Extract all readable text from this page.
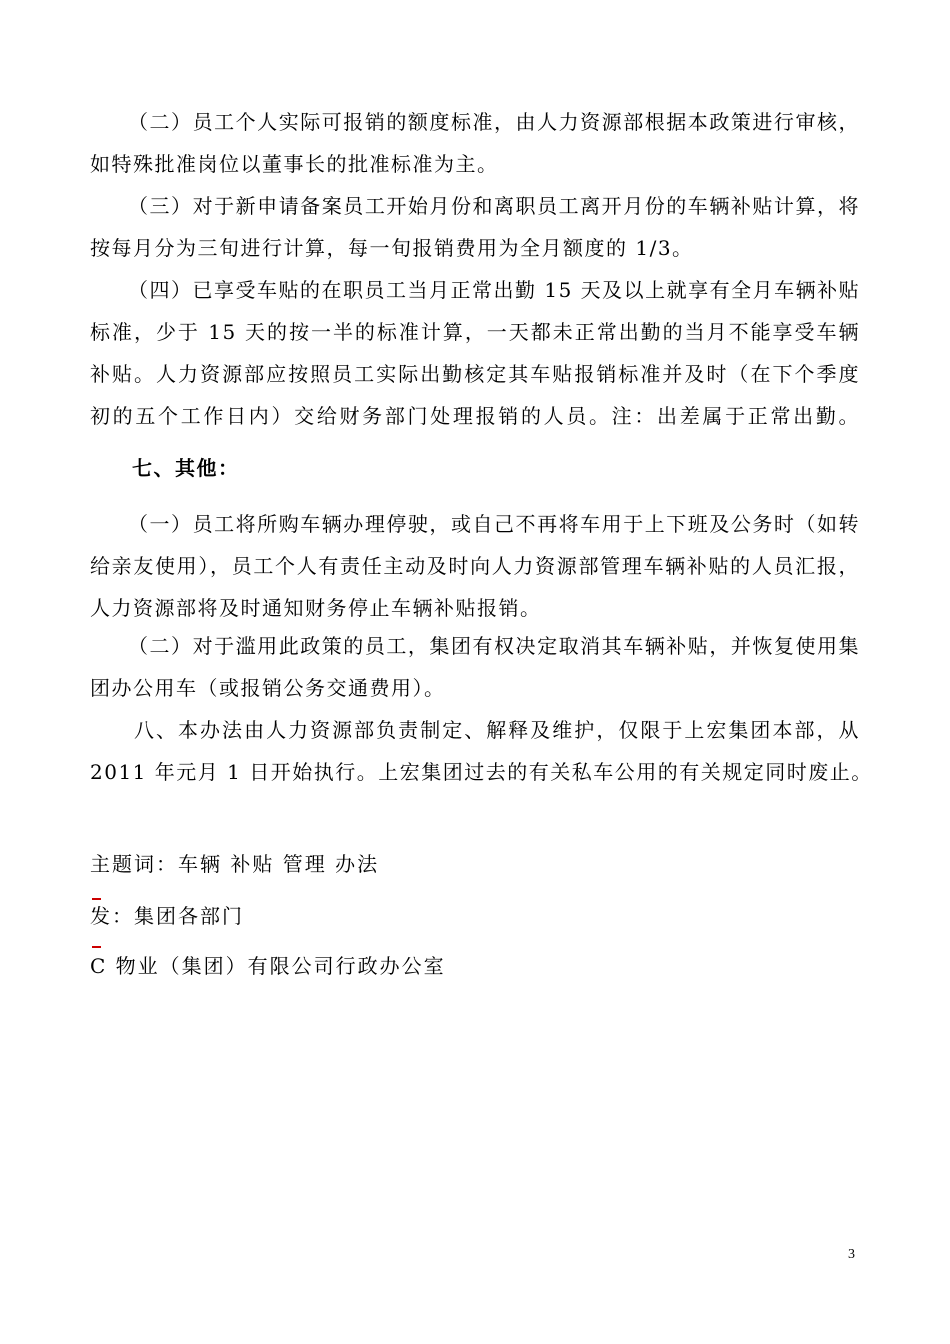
（二）员工个人实际可报销的额度标准，由人力资源部根据本政策进行审核，
如特殊批准岗位以董事长的批准标准为主。
（三）对于新申请备案员工开始月份和离职员工离开月份的车辆补贴计算，将
按每月分为三旬进行计算，每一旬报销费用为全月额度的 1/3。
（四）已享受车贴的在职员工当月正常出勤 15 天及以上就享有全月车辆补贴
标准，少于 15 天的按一半的标准计算，一天都未正常出勤的当月不能享受车辆
补贴。人力资源部应按照员工实际出勤核定其车贴报销标准并及时（在下个季度
初的五个工作日内）交给财务部门处理报销的人员。注：出差属于正常出勤。
七、其他：
（一）员工将所购车辆办理停驶，或自己不再将车用于上下班及公务时（如转
给亲友使用），员工个人有责任主动及时向人力资源部管理车辆补贴的人员汇报，
人力资源部将及时通知财务停止车辆补贴报销。
（二）对于滥用此政策的员工，集团有权决定取消其车辆补贴，并恢复使用集
团办公用车（或报销公务交通费用）。
八、本办法由人力资源部负责制定、解释及维护，仅限于上宏集团本部，从
2011 年元月 1 日开始执行。上宏集团过去的有关私车公用的有关规定同时废止。
主题词：车辆 补贴 管理 办法
发：集团各部门
C 物业（集团）有限公司行政办公室
3
